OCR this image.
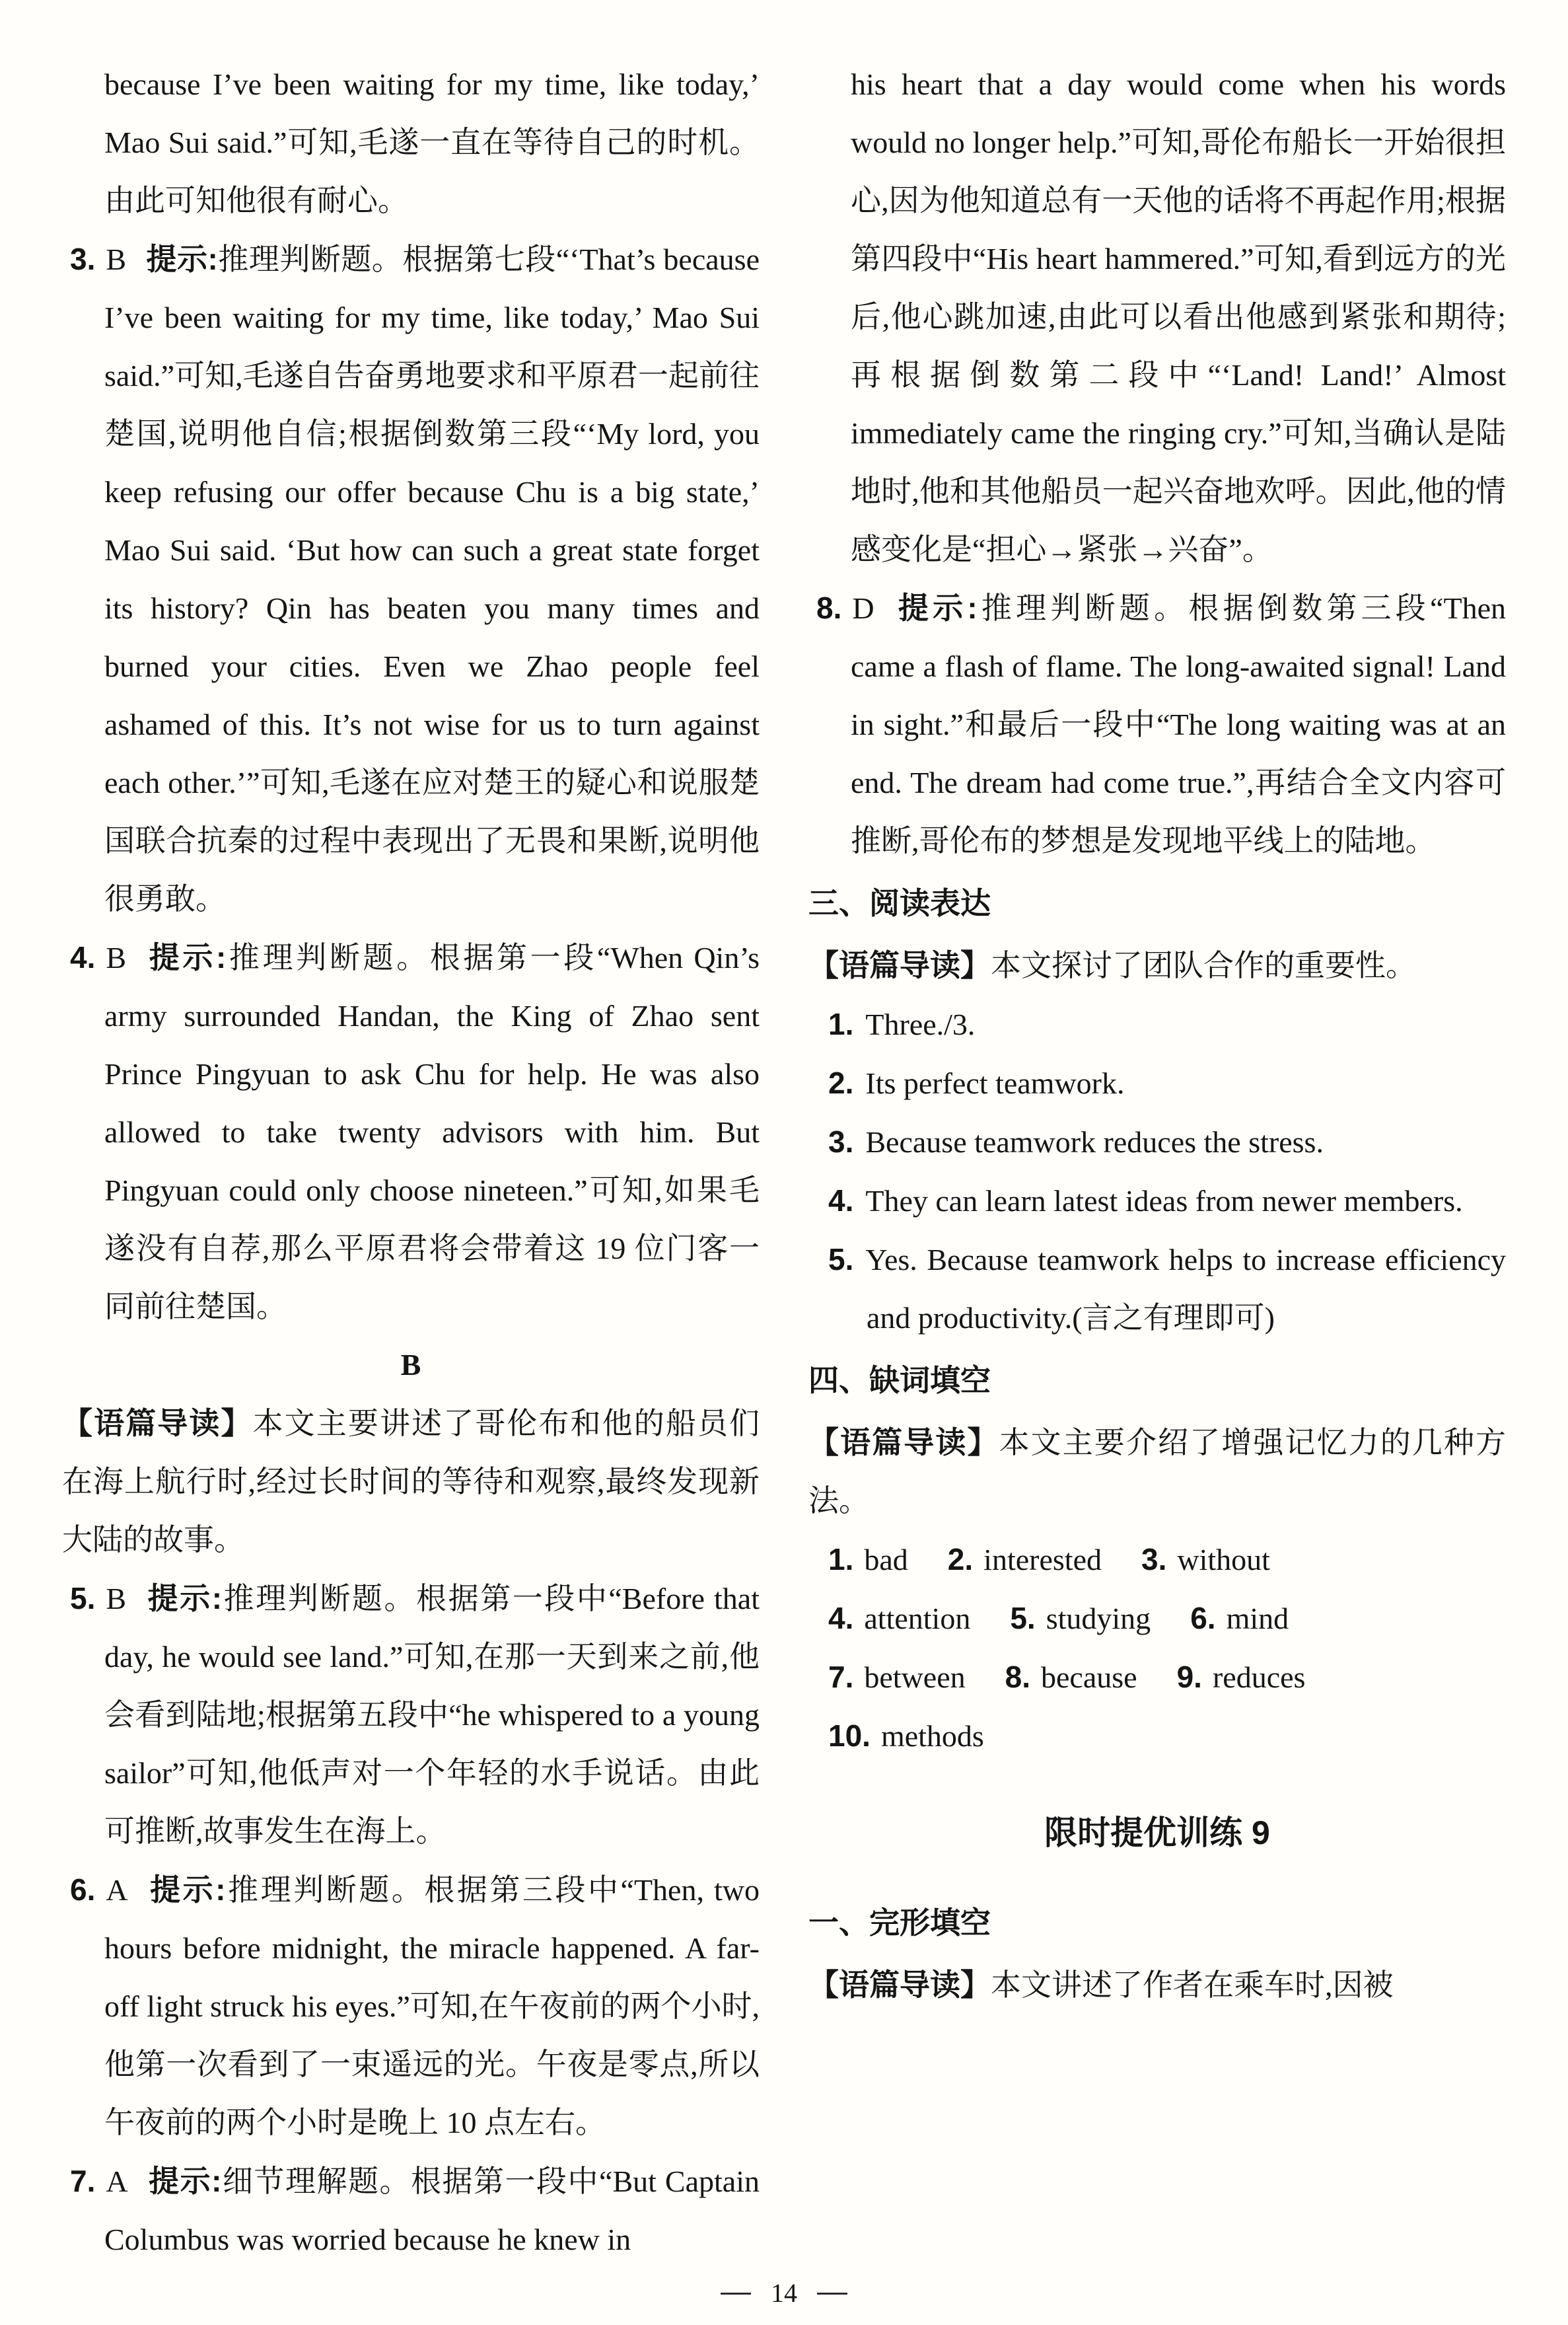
because I’ve been waiting for my time, like today,’ Mao Sui said.”可知,毛遂一直在等待自己的时机。由此可知他很有耐心。

3. B 提示:推理判断题。根据第七段“‘That’s because I’ve been waiting for my time, like today,’ Mao Sui said.”可知,毛遂自告奋勇地要求和平原君一起前往楚国,说明他自信;根据倒数第三段“‘My lord, you keep refusing our offer because Chu is a big state,’ Mao Sui said. ‘But how can such a great state forget its history? Qin has beaten you many times and burned your cities. Even we Zhao people feel ashamed of this. It’s not wise for us to turn against each other.’”可知,毛遂在应对楚王的疑心和说服楚国联合抗秦的过程中表现出了无畏和果断,说明他很勇敢。
4. B 提示:推理判断题。根据第一段“When Qin’s army surrounded Handan, the King of Zhao sent Prince Pingyuan to ask Chu for help. He was also allowed to take twenty advisors with him. But Pingyuan could only choose nineteen.”可知,如果毛遂没有自荐,那么平原君将会带着这 19 位门客一同前往楚国。
B

【语篇导读】本文主要讲述了哥伦布和他的船员们在海上航行时,经过长时间的等待和观察,最终发现新大陆的故事。

5. B 提示:推理判断题。根据第一段中“Before that day, he would see land.”可知,在那一天到来之前,他会看到陆地;根据第五段中“he whispered to a young sailor”可知,他低声对一个年轻的水手说话。由此可推断,故事发生在海上。
6. A 提示:推理判断题。根据第三段中“Then, two hours before midnight, the miracle happened. A far-off light struck his eyes.”可知,在午夜前的两个小时,他第一次看到了一束遥远的光。午夜是零点,所以午夜前的两个小时是晚上 10 点左右。
7. A 提示:细节理解题。根据第一段中“But Captain Columbus was worried because he knew in

his heart that a day would come when his words would no longer help.”可知,哥伦布船长一开始很担心,因为他知道总有一天他的话将不再起作用;根据第四段中“His heart hammered.”可知,看到远方的光后,他心跳加速,由此可以看出他感到紧张和期待;再根据倒数第二段中“‘Land! Land!’ Almost immediately came the ringing cry.”可知,当确认是陆地时,他和其他船员一起兴奋地欢呼。因此,他的情感变化是“担心→紧张→兴奋”。

8. D 提示:推理判断题。根据倒数第三段“Then came a flash of flame. The long-awaited signal! Land in sight.”和最后一段中“The long waiting was at an end. The dream had come true.”,再结合全文内容可推断,哥伦布的梦想是发现地平线上的陆地。
三、阅读表达

【语篇导读】本文探讨了团队合作的重要性。

1. Three./3.
2. Its perfect teamwork.
3. Because teamwork reduces the stress.
4. They can learn latest ideas from newer members.
5. Yes. Because teamwork helps to increase efficiency and productivity.(言之有理即可)
四、缺词填空

【语篇导读】本文主要介绍了增强记忆力的几种方法。

1. bad 2. interested 3. without
4. attention 5. studying 6. mind
7. between 8. because 9. reduces
10. methods
限时提优训练 9
一、完形填空

【语篇导读】本文讲述了作者在乘车时,因被

14
